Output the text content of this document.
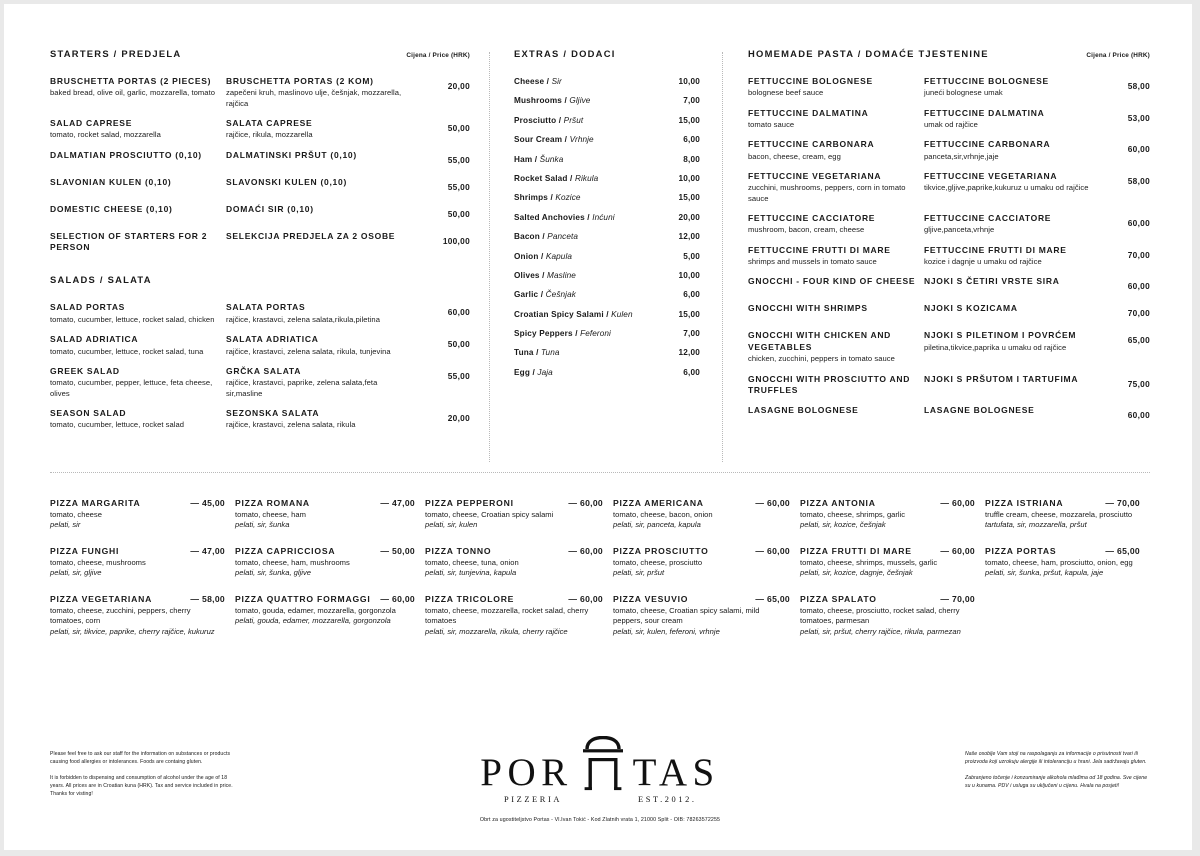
STARTERS / PREDJELA	Cijena / Price (HRK)
BRUSCHETTA PORTAS (2 PIECES)
baked bread, olive oil, garlic, mozzarella, tomato
BRUSCHETTA PORTAS (2 KOM)
zapečeni kruh, maslinovo ulje, češnjak, mozzarella, rajčica
20,00
SALAD CAPRESE
tomato, rocket salad, mozzarella
SALATA CAPRESE
rajčice, rikula, mozzarella
50,00
DALMATIAN PROSCIUTTO (0,10)	DALMATINSKI PRŠUT (0,10)	55,00
SLAVONIAN KULEN (0,10)	SLAVONSKI KULEN (0,10)	55,00
DOMESTIC CHEESE (0,10)	DOMAĆI SIR (0,10)	50,00
SELECTION OF STARTERS FOR 2 PERSON
SELEKCIJA PREDJELA ZA 2 OSOBE	100,00
SALADS / SALATA
SALAD PORTAS
tomato, cucumber, lettuce, rocket salad, chicken
SALATA PORTAS
rajčice, krastavci, zelena salata,rikula,piletina
60,00
SALAD ADRIATICA
tomato, cucumber, lettuce, rocket salad, tuna
SALATA ADRIATICA
rajčice, krastavci, zelena salata, rikula, tunjevina
50,00
GREEK SALAD
tomato, cucumber, pepper, lettuce, feta cheese, olives
GRČKA SALATA
rajčice, krastavci, paprike, zelena salata,feta sir,masline
55,00
SEASON SALAD
tomato, cucumber, lettuce, rocket salad
SEZONSKA SALATA
rajčice, krastavci, zelena salata, rikula
20,00
EXTRAS / DODACI
Cheese / Sir	10,00
Mushrooms / Gljive	7,00
Prosciutto / Pršut	15,00
Sour Cream / Vrhnje	6,00
Ham / Šunka	8,00
Rocket Salad / Rikula	10,00
Shrimps / Kozice	15,00
Salted Anchovies / Inćuni	20,00
Bacon / Panceta	12,00
Onion / Kapula	5,00
Olives / Masline	10,00
Garlic / Češnjak	6,00
Croatian Spicy Salami / Kulen	15,00
Spicy Peppers / Feferoni	7,00
Tuna / Tuna	12,00
Egg / Jaja	6,00
HOMEMADE PASTA / DOMAĆE TJESTENINE	Cijena / Price (HRK)
FETTUCCINE BOLOGNESE
bolognese beef sauce
FETTUCCINE BOLOGNESE
juneći bolognese umak
58,00
FETTUCCINE DALMATINA
tomato sauce
FETTUCCINE DALMATINA
umak od rajčice
53,00
FETTUCCINE CARBONARA
bacon, cheese, cream, egg
FETTUCCINE CARBONARA
panceta,sir,vrhnje,jaje
60,00
FETTUCCINE VEGETARIANA
zucchini, mushrooms, peppers, corn in tomato sauce
FETTUCCINE VEGETARIANA
tikvice,gljive,paprike,kukuruz u umaku od rajčice
58,00
FETTUCCINE CACCIATORE
mushroom, bacon, cream, cheese
FETTUCCINE CACCIATORE
gljive,panceta,vrhnje
60,00
FETTUCCINE FRUTTI DI MARE
shrimps and mussels in tomato sauce
FETTUCCINE FRUTTI DI MARE
kozice i dagnje u umaku od rajčice
70,00
GNOCCHI - FOUR KIND OF CHEESE	NJOKI S ČETIRI VRSTE SIRA	60,00
GNOCCHI WITH SHRIMPS	NJOKI S KOZICAMA	70,00
GNOCCHI WITH CHICKEN AND VEGETABLES
chicken, zucchini, peppers in tomato sauce
NJOKI S PILETINOM I POVRĆEM
piletina,tikvice,paprika u umaku od rajčice
65,00
GNOCCHI WITH PROSCIUTTO AND TRUFFLES
NJOKI S PRŠUTOM I TARTUFIMA	75,00
LASAGNE BOLOGNESE	LASAGNE BOLOGNESE	60,00
PIZZA MARGARITA	— 45,00
tomato, cheese
pelati, sir
PIZZA FUNGHI	— 47,00
tomato, cheese, mushrooms
pelati, sir, gljive
PIZZA VEGETARIANA	— 58,00
tomato, cheese, zucchini, peppers, cherry tomatoes, corn
pelati, sir, tikvice, paprike, cherry rajčice, kukuruz
PIZZA ROMANA	— 47,00
tomato, cheese, ham
pelati, sir, šunka
PIZZA CAPRICCIOSA	— 50,00
tomato, cheese, ham, mushrooms
pelati, sir, šunka, gljive
PIZZA QUATTRO FORMAGGI	— 60,00
tomato, gouda, edamer, mozzarella, gorgonzola
pelati, gouda, edamer, mozzarella, gorgonzola
PIZZA PEPPERONI	— 60,00
tomato, cheese, Croatian spicy salami
pelati, sir, kulen
PIZZA TONNO	— 60,00
tomato, cheese, tuna, onion
pelati, sir, tunjevina, kapula
PIZZA TRICOLORE	— 60,00
tomato, cheese, mozzarella, rocket salad, cherry tomatoes
pelati, sir, mozzarella, rikula, cherry rajčice
PIZZA AMERICANA	— 60,00
tomato, cheese, bacon, onion
pelati, sir, panceta, kapula
PIZZA PROSCIUTTO	— 60,00
tomato, cheese, prosciutto
pelati, sir, pršut
PIZZA VESUVIO	— 65,00
tomato, cheese, Croatian spicy salami, mild peppers, sour cream
pelati, sir, kulen, feferoni, vrhnje
PIZZA ANTONIA	— 60,00
tomato, cheese, shrimps, garlic
pelati, sir, kozice, češnjak
PIZZA FRUTTI DI MARE	— 60,00
tomato, cheese, shrimps, mussels, garlic
pelati, sir, kozice, dagnje, češnjak
PIZZA SPALATO	— 70,00
tomato, cheese, prosciutto, rocket salad, cherry tomatoes, parmesan
pelati, sir, pršut, cherry rajčice, rikula, parmezan
PIZZA ISTRIANA	— 70,00
truffle cream, cheese, mozzarela, prosciutto
tartufata, sir, mozzarella, pršut
PIZZA PORTAS	— 65,00
tomato, cheese, ham, prosciutto, onion, egg
pelati, sir, šunka, pršut, kapula, jaje

Please feel free to ask our staff for the information on substances or products causing food allergies or intolerances. Foods are containg gluten.

It is forbidden to dispensing and consumption of alcohol under the age of 18 years. All prices are in Croatian kuna (HRK). Tax and service included in price. Thanks for visting!	POR TAS
PIZZERIA	EST.2012.
Obrt za ugostiteljstvo Portas - Vl.Ivan Tokić - Kod Zlatnih vrata 1, 21000 Split - OIB: 78263572255

Naše osoblje Vam stoji na raspolaganju za informacije o prisutnosti tvari ili proizvoda koji uzrokuju alergije ili intoleranciju u hrani. Jela sadržavaju gluten.

Zabranjeno točenje i konzumiranje alkohola mlađima od 18 godina. Sve cijene su u kunama. PDV i usluga su uključeni u cijenu. Hvala na posjeti!
